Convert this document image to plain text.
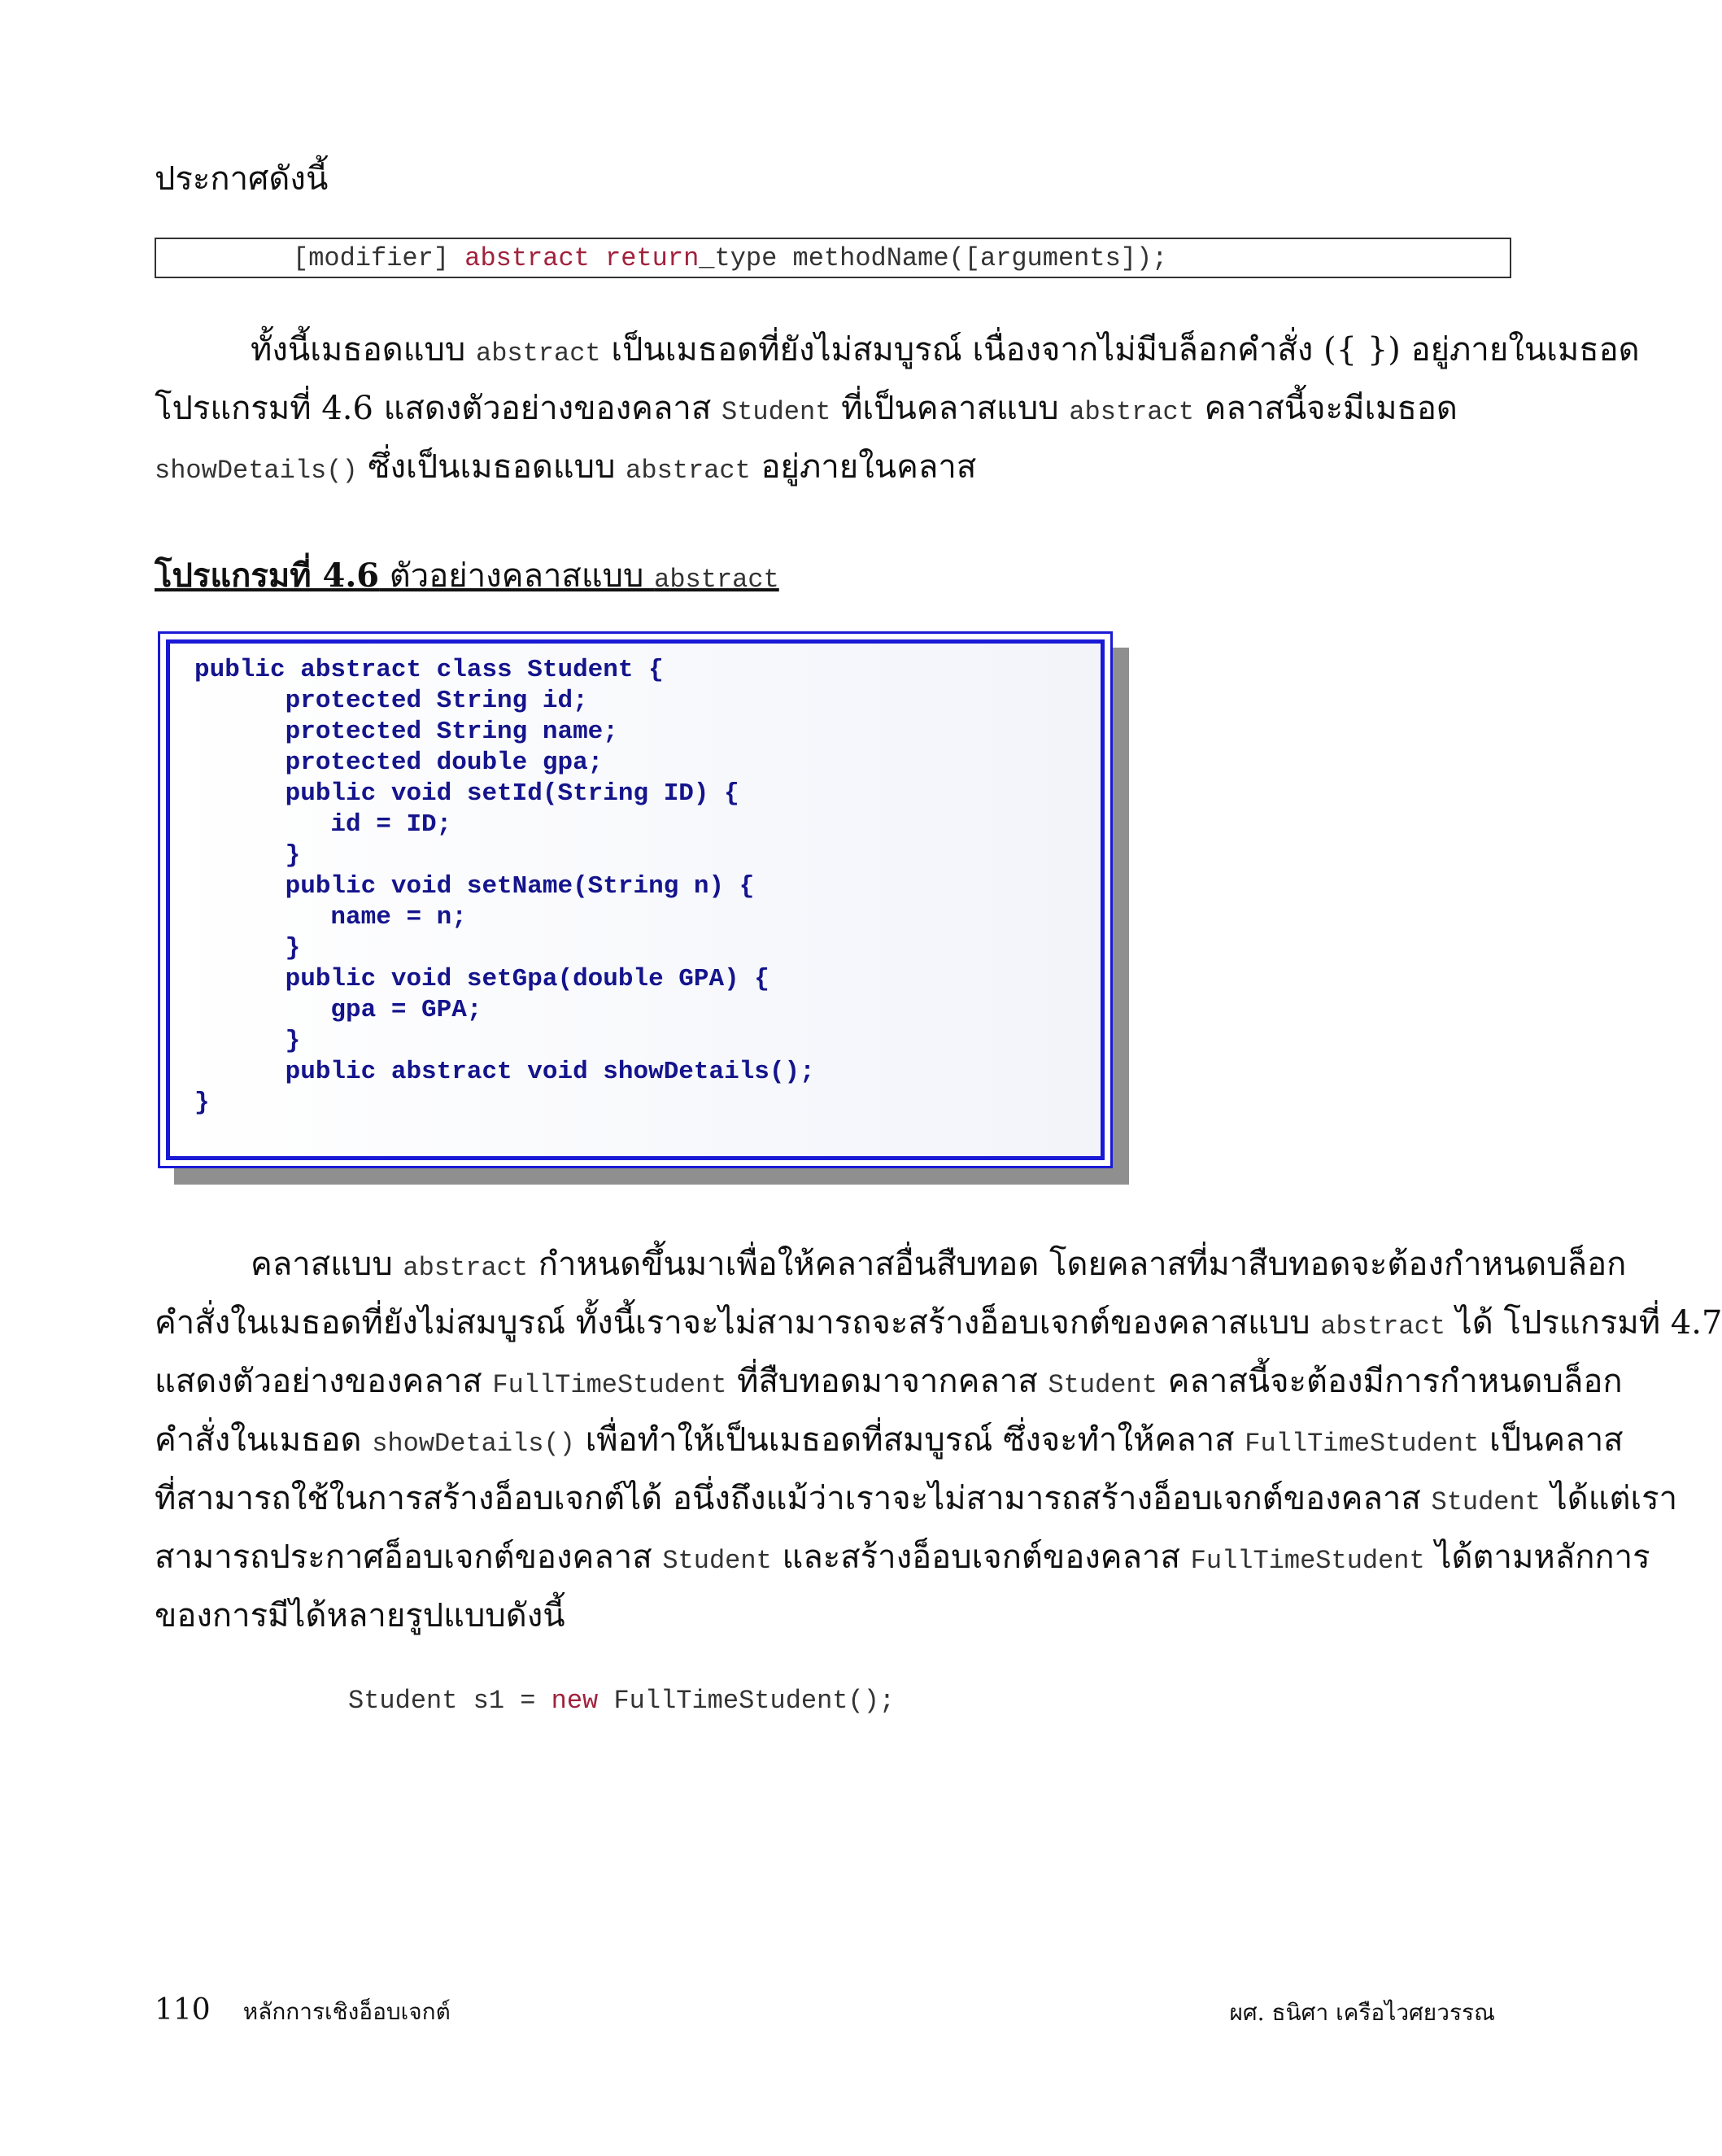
ประกาศดังนี้
[modifier] abstract return_type methodName([arguments]);
ทั้งนี้เมธอดแบบ abstract เป็นเมธอดที่ยังไม่สมบูรณ์ เนื่องจากไม่มีบล็อกคำสั่ง ({ }) อยู่ภายในเมธอด
โปรแกรมที่ 4.6 แสดงตัวอย่างของคลาส Student ที่เป็นคลาสแบบ abstract คลาสนี้จะมีเมธอด
showDetails() ซึ่งเป็นเมธอดแบบ abstract อยู่ภายในคลาส
โปรแกรมที่ 4.6 ตัวอย่างคลาสแบบ abstract
public abstract class Student {
protected String id;
protected String name;
protected double gpa;
public void setId(String ID) {
id = ID;
}
public void setName(String n) {
name = n;
}
public void setGpa(double GPA) {
gpa = GPA;
}
public abstract void showDetails();
}
คลาสแบบ abstract กำหนดขึ้นมาเพื่อให้คลาสอื่นสืบทอด โดยคลาสที่มาสืบทอดจะต้องกำหนดบล็อก
คำสั่งในเมธอดที่ยังไม่สมบูรณ์ ทั้งนี้เราจะไม่สามารถจะสร้างอ็อบเจกต์ของคลาสแบบ abstract ได้ โปรแกรมที่ 4.7
แสดงตัวอย่างของคลาส FullTimeStudent ที่สืบทอดมาจากคลาส Student คลาสนี้จะต้องมีการกำหนดบล็อก
คำสั่งในเมธอด showDetails() เพื่อทำให้เป็นเมธอดที่สมบูรณ์ ซึ่งจะทำให้คลาส FullTimeStudent เป็นคลาส
ที่สามารถใช้ในการสร้างอ็อบเจกต์ได้ อนึ่งถึงแม้ว่าเราจะไม่สามารถสร้างอ็อบเจกต์ของคลาส Student ได้แต่เรา
สามารถประกาศอ็อบเจกต์ของคลาส Student และสร้างอ็อบเจกต์ของคลาส FullTimeStudent ได้ตามหลักการ
ของการมีได้หลายรูปแบบดังนี้
Student s1 = new FullTimeStudent();
110 หลักการเชิงอ็อบเจกต์	ผศ. ธนิศา เครือไวศยวรรณ
